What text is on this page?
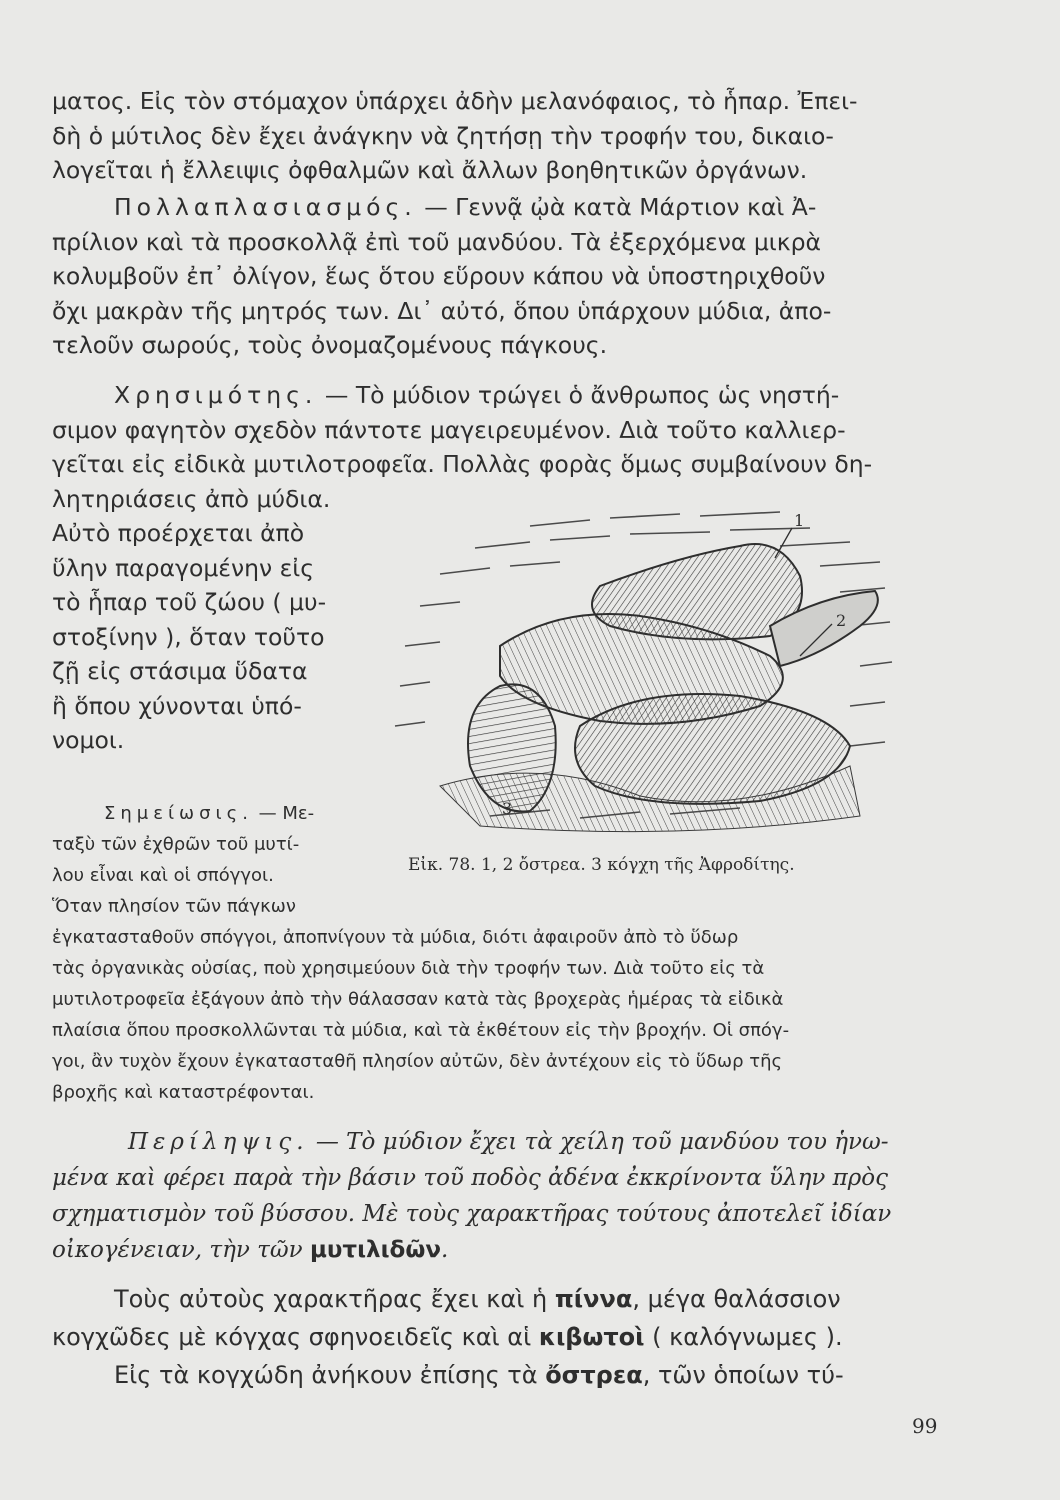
ματος. Εἰς τὸν στόμαχον ὑπάρχει ἀδὴν μελανόφαιος, τὸ ἧπαρ. Ἐπει-
δὴ ὁ μύτιλος δὲν ἔχει ἀνάγκην νὰ ζητήσῃ τὴν τροφήν του, δικαιο-
λογεῖται ἡ ἔλλειψις ὀφθαλμῶν καὶ ἄλλων βοηθητικῶν ὀργάνων.
Πολλαπλασιασμός. — Γεννᾷ ᾠὰ κατὰ Μάρτιον καὶ Ἀ-
πρίλιον καὶ τὰ προσκολλᾷ ἐπὶ τοῦ μανδύου. Τὰ ἐξερχόμενα μικρὰ
κολυμβοῦν ἐπ᾿ ὀλίγον, ἕως ὅτου εὕρουν κάπου νὰ ὑποστηριχθοῦν
ὄχι μακρὰν τῆς μητρός των. Δι᾿ αὐτό, ὅπου ὑπάρχουν μύδια, ἀπο-
τελοῦν σωρούς, τοὺς ὀνομαζομένους πάγκους.
Χρησιμότης. — Τὸ μύδιον τρώγει ὁ ἄνθρωπος ὡς νηστή-
σιμον φαγητὸν σχεδὸν πάντοτε μαγειρευμένον. Διὰ τοῦτο καλλιερ-
γεῖται εἰς εἰδικὰ μυτιλοτροφεῖα. Πολλὰς φορὰς ὅμως συμβαίνουν δη-
λητηριάσεις ἀπὸ μύδια.
Αὐτὸ προέρχεται ἀπὸ
ὕλην παραγομένην εἰς
τὸ ἧπαρ τοῦ ζώου ( μυ-
στοξίνην ), ὅταν τοῦτο
ζῇ εἰς στάσιμα ὕδατα
ἢ ὅπου χύνονται ὑπό-
νομοι.
Σημείωσις. — Με-
ταξὺ τῶν ἐχθρῶν τοῦ μυτί-
λου εἶναι καὶ οἱ σπόγγοι.
Ὅταν πλησίον τῶν πάγκων
ἐγκατασταθοῦν σπόγγοι, ἀποπνίγουν τὰ μύδια, διότι ἀφαιροῦν ἀπὸ τὸ ὕδωρ
τὰς ὀργανικὰς οὐσίας, ποὺ χρησιμεύουν διὰ τὴν τροφήν των. Διὰ τοῦτο εἰς τὰ
μυτιλοτροφεῖα ἐξάγουν ἀπὸ τὴν θάλασσαν κατὰ τὰς βροχερὰς ἡμέρας τὰ εἰδικὰ
πλαίσια ὅπου προσκολλῶνται τὰ μύδια, καὶ τὰ ἐκθέτουν εἰς τὴν βροχήν. Οἱ σπόγ-
γοι, ἂν τυχὸν ἔχουν ἐγκατασταθῆ πλησίον αὐτῶν, δὲν ἀντέχουν εἰς τὸ ὕδωρ τῆς
βροχῆς καὶ καταστρέφονται.
1
2
3
Εἰκ. 78. 1, 2 ὄστρεα. 3 κόγχη τῆς Ἀφροδίτης.
Περίληψις. — Τὸ μύδιον ἔχει τὰ χείλη τοῦ μανδύου του ἡνω-
μένα καὶ φέρει παρὰ τὴν βάσιν τοῦ ποδὸς ἀδένα ἐκκρίνοντα ὕλην πρὸς
σχηματισμὸν τοῦ βύσσου. Μὲ τοὺς χαρακτῆρας τούτους ἀποτελεῖ ἰδίαν
οἰκογένειαν, τὴν τῶν μυτιλιδῶν.
Τοὺς αὐτοὺς χαρακτῆρας ἔχει καὶ ἡ πίννα, μέγα θαλάσσιον
κογχῶδες μὲ κόγχας σφηνοειδεῖς καὶ αἱ κιβωτοὶ ( καλόγνωμες ).
Εἰς τὰ κογχώδη ἀνήκουν ἐπίσης τὰ ὄστρεα, τῶν ὁποίων τύ-
99
